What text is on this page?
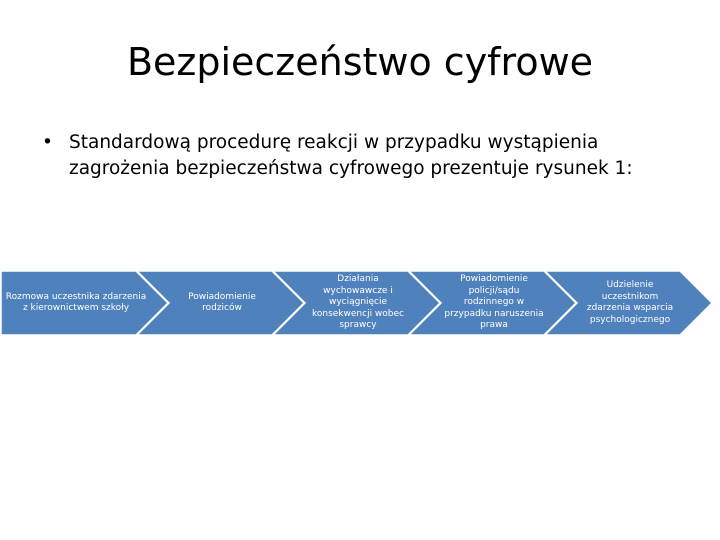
Bezpieczeństwo cyfrowe
• Standardową procedurę reakcji w przypadku wystąpienia zagrożenia bezpieczeństwa cyfrowego prezentuje rysunek 1:
Rozmowa uczestnika zdarzenia z kierownictwem szkoły
Powiadomienie rodziców
Działania wychowawcze i wyciągnięcie konsekwencji wobec sprawcy
Powiadomienie policji/sądu rodzinnego w przypadku naruszenia prawa
Udzielenie uczestnikom zdarzenia wsparcia psychologicznego
